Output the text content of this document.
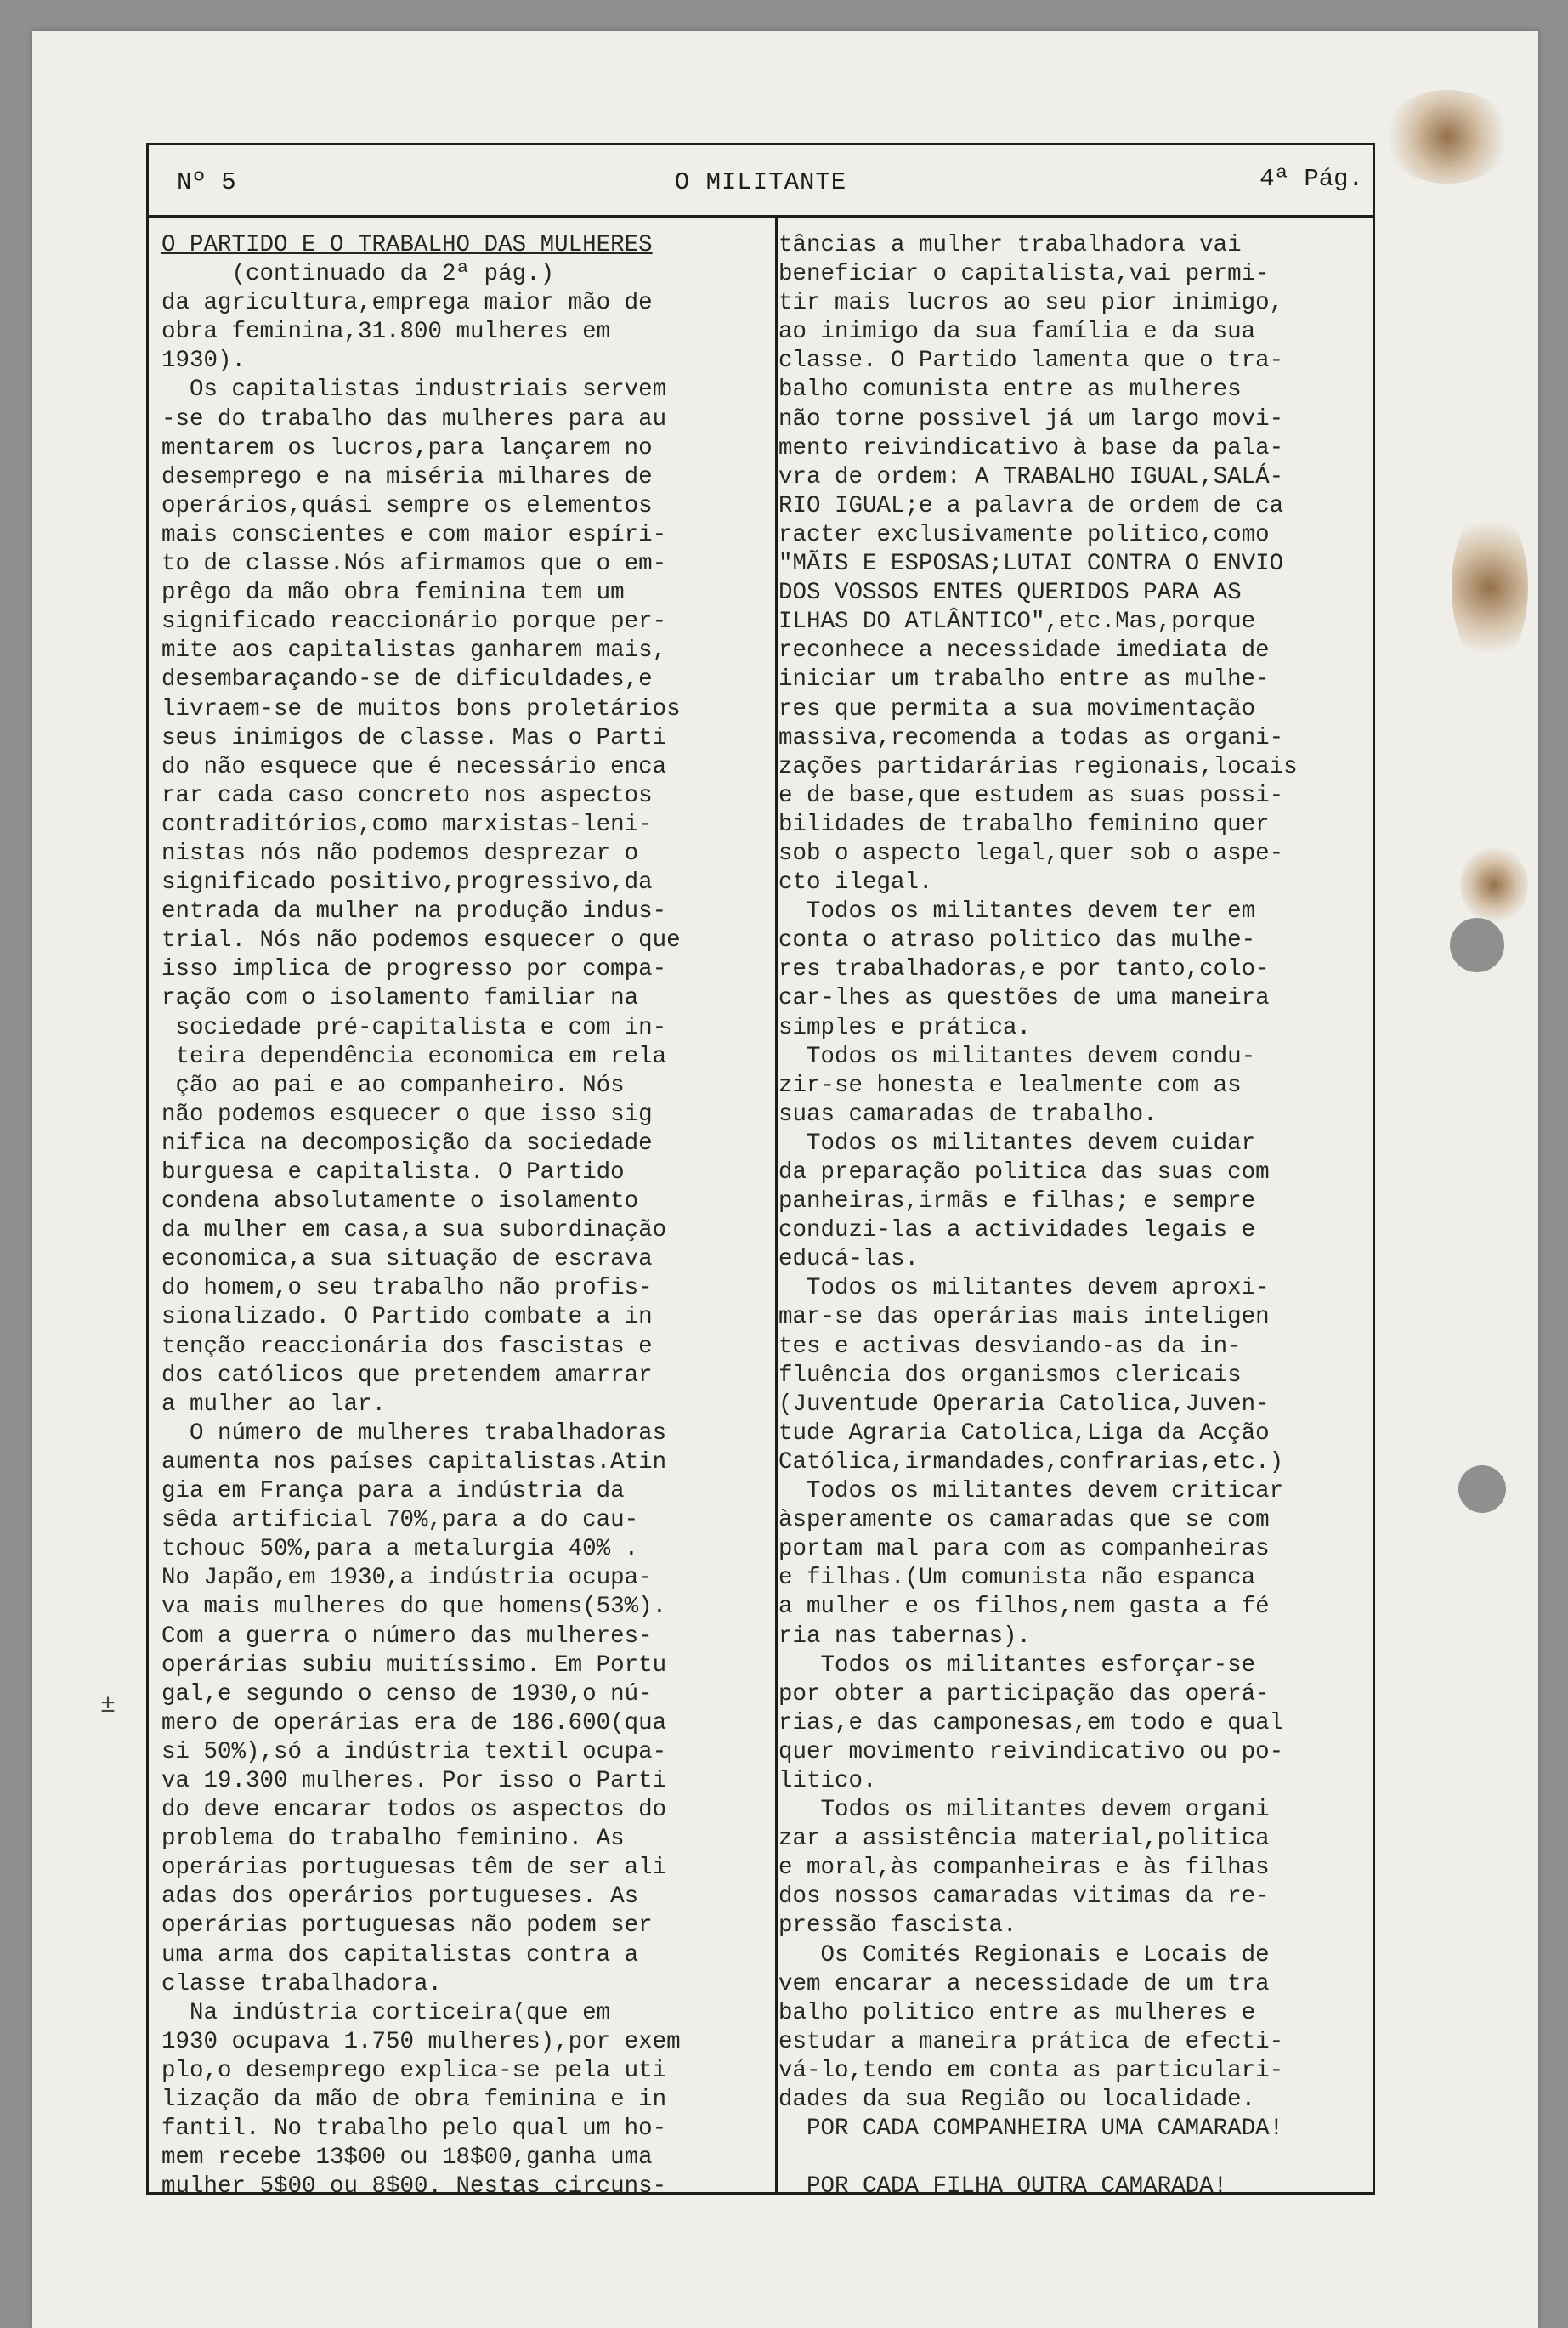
Nº 5	O MILITANTE	4ª Pág.
±
O PARTIDO E O TRABALHO DAS MULHERES
(continuado da 2ª pág.)
da agricultura,emprega maior mão de
obra feminina,31.800 mulheres em
1930).
Os capitalistas industriais servem
-se do trabalho das mulheres para au
mentarem os lucros,para lançarem no
desemprego e na miséria milhares de
operários,quási sempre os elementos
mais conscientes e com maior espíri-
to de classe.Nós afirmamos que o em-
prêgo da mão obra feminina tem um
significado reaccionário porque per-
mite aos capitalistas ganharem mais,
desembaraçando-se de dificuldades,e
livraem-se de muitos bons proletários
seus inimigos de classe. Mas o Parti
do não esquece que é necessário enca
rar cada caso concreto nos aspectos
contraditórios,como marxistas-leni-
nistas nós não podemos desprezar o
significado positivo,progressivo,da
entrada da mulher na produção indus-
trial. Nós não podemos esquecer o que
isso implica de progresso por compa-
ração com o isolamento familiar na
sociedade pré-capitalista e com in-
teira dependência economica em rela
ção ao pai e ao companheiro. Nós
não podemos esquecer o que isso sig
nifica na decomposição da sociedade
burguesa e capitalista. O Partido
condena absolutamente o isolamento
da mulher em casa,a sua subordinação
economica,a sua situação de escrava
do homem,o seu trabalho não profis-
sionalizado. O Partido combate a in
tenção reaccionária dos fascistas e
dos católicos que pretendem amarrar
a mulher ao lar.
O número de mulheres trabalhadoras
aumenta nos países capitalistas.Atin
gia em França para a indústria da
sêda artificial 70%,para a do cau-
tchouc 50%,para a metalurgia 40% .
No Japão,em 1930,a indústria ocupa-
va mais mulheres do que homens(53%).
Com a guerra o número das mulheres-
operárias subiu muitíssimo. Em Portu
gal,e segundo o censo de 1930,o nú-
mero de operárias era de 186.600(qua
si 50%),só a indústria textil ocupa-
va 19.300 mulheres. Por isso o Parti
do deve encarar todos os aspectos do
problema do trabalho feminino. As
operárias portuguesas têm de ser ali
adas dos operários portugueses. As
operárias portuguesas não podem ser
uma arma dos capitalistas contra a
classe trabalhadora.
Na indústria corticeira(que em
1930 ocupava 1.750 mulheres),por exem
plo,o desemprego explica-se pela uti
lização da mão de obra feminina e in
fantil. No trabalho pelo qual um ho-
mem recebe 13$00 ou 18$00,ganha uma
mulher 5$00 ou 8$00. Nestas circuns-
tâncias a mulher trabalhadora vai
beneficiar o capitalista,vai permi-
tir mais lucros ao seu pior inimigo,
ao inimigo da sua família e da sua
classe. O Partido lamenta que o tra-
balho comunista entre as mulheres
não torne possivel já um largo movi-
mento reivindicativo à base da pala-
vra de ordem: A TRABALHO IGUAL,SALÁ-
RIO IGUAL;e a palavra de ordem de ca
racter exclusivamente politico,como
"MÃIS E ESPOSAS;LUTAI CONTRA O ENVIO
DOS VOSSOS ENTES QUERIDOS PARA AS
ILHAS DO ATLÂNTICO",etc.Mas,porque
reconhece a necessidade imediata de
iniciar um trabalho entre as mulhe-
res que permita a sua movimentação
massiva,recomenda a todas as organi-
zações partidarárias regionais,locais
e de base,que estudem as suas possi-
bilidades de trabalho feminino quer
sob o aspecto legal,quer sob o aspe-
cto ilegal.
Todos os militantes devem ter em
conta o atraso politico das mulhe-
res trabalhadoras,e por tanto,colo-
car-lhes as questões de uma maneira
simples e prática.
Todos os militantes devem condu-
zir-se honesta e lealmente com as
suas camaradas de trabalho.
Todos os militantes devem cuidar
da preparação politica das suas com
panheiras,irmãs e filhas; e sempre
conduzi-las a actividades legais e
educá-las.
Todos os militantes devem aproxi-
mar-se das operárias mais inteligen
tes e activas desviando-as da in-
fluência dos organismos clericais
(Juventude Operaria Catolica,Juven-
tude Agraria Catolica,Liga da Acção
Católica,irmandades,confrarias,etc.)
Todos os militantes devem criticar
àsperamente os camaradas que se com
portam mal para com as companheiras
e filhas.(Um comunista não espanca
a mulher e os filhos,nem gasta a fé
ria nas tabernas).
Todos os militantes esforçar-se
por obter a participação das operá-
rias,e das camponesas,em todo e qual
quer movimento reivindicativo ou po-
litico.
Todos os militantes devem organi
zar a assistência material,politica
e moral,às companheiras e às filhas
dos nossos camaradas vitimas da re-
pressão fascista.
Os Comités Regionais e Locais de
vem encarar a necessidade de um tra
balho politico entre as mulheres e
estudar a maneira prática de efecti-
vá-lo,tendo em conta as particulari-
dades da sua Região ou localidade.
POR CADA COMPANHEIRA UMA CAMARADA!
POR CADA FILHA OUTRA CAMARADA!
